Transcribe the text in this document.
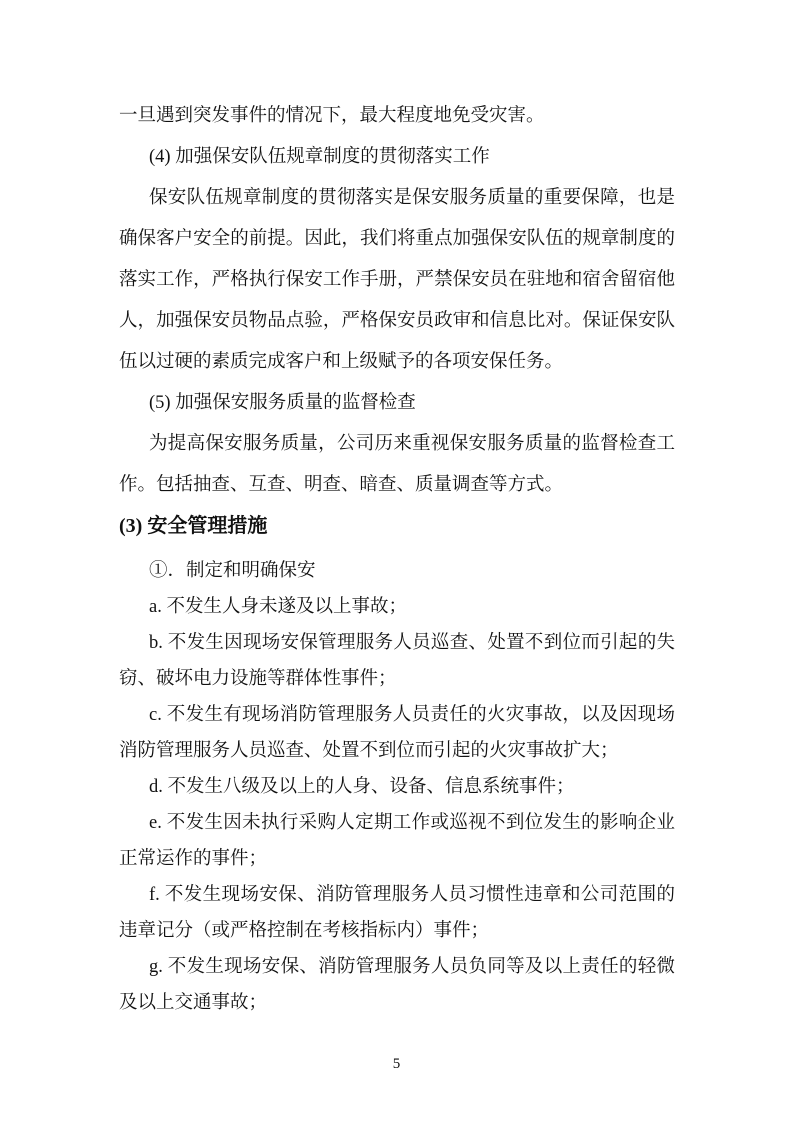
一旦遇到突发事件的情况下，最大程度地免受灾害。

(4) 加强保安队伍规章制度的贯彻落实工作

保安队伍规章制度的贯彻落实是保安服务质量的重要保障，也是确保客户安全的前提。因此，我们将重点加强保安队伍的规章制度的落实工作，严格执行保安工作手册，严禁保安员在驻地和宿舍留宿他人，加强保安员物品点验，严格保安员政审和信息比对。保证保安队伍以过硬的素质完成客户和上级赋予的各项安保任务。

(5) 加强保安服务质量的监督检查

为提高保安服务质量，公司历来重视保安服务质量的监督检查工作。包括抽查、互查、明查、暗查、质量调查等方式。

(3) 安全管理措施

①．制定和明确保安

a. 不发生人身未遂及以上事故；

b. 不发生因现场安保管理服务人员巡查、处置不到位而引起的失窃、破坏电力设施等群体性事件；

c. 不发生有现场消防管理服务人员责任的火灾事故，以及因现场消防管理服务人员巡查、处置不到位而引起的火灾事故扩大；

d. 不发生八级及以上的人身、设备、信息系统事件；

e. 不发生因未执行采购人定期工作或巡视不到位发生的影响企业正常运作的事件；

f. 不发生现场安保、消防管理服务人员习惯性违章和公司范围的违章记分（或严格控制在考核指标内）事件；

g. 不发生现场安保、消防管理服务人员负同等及以上责任的轻微及以上交通事故；

5
